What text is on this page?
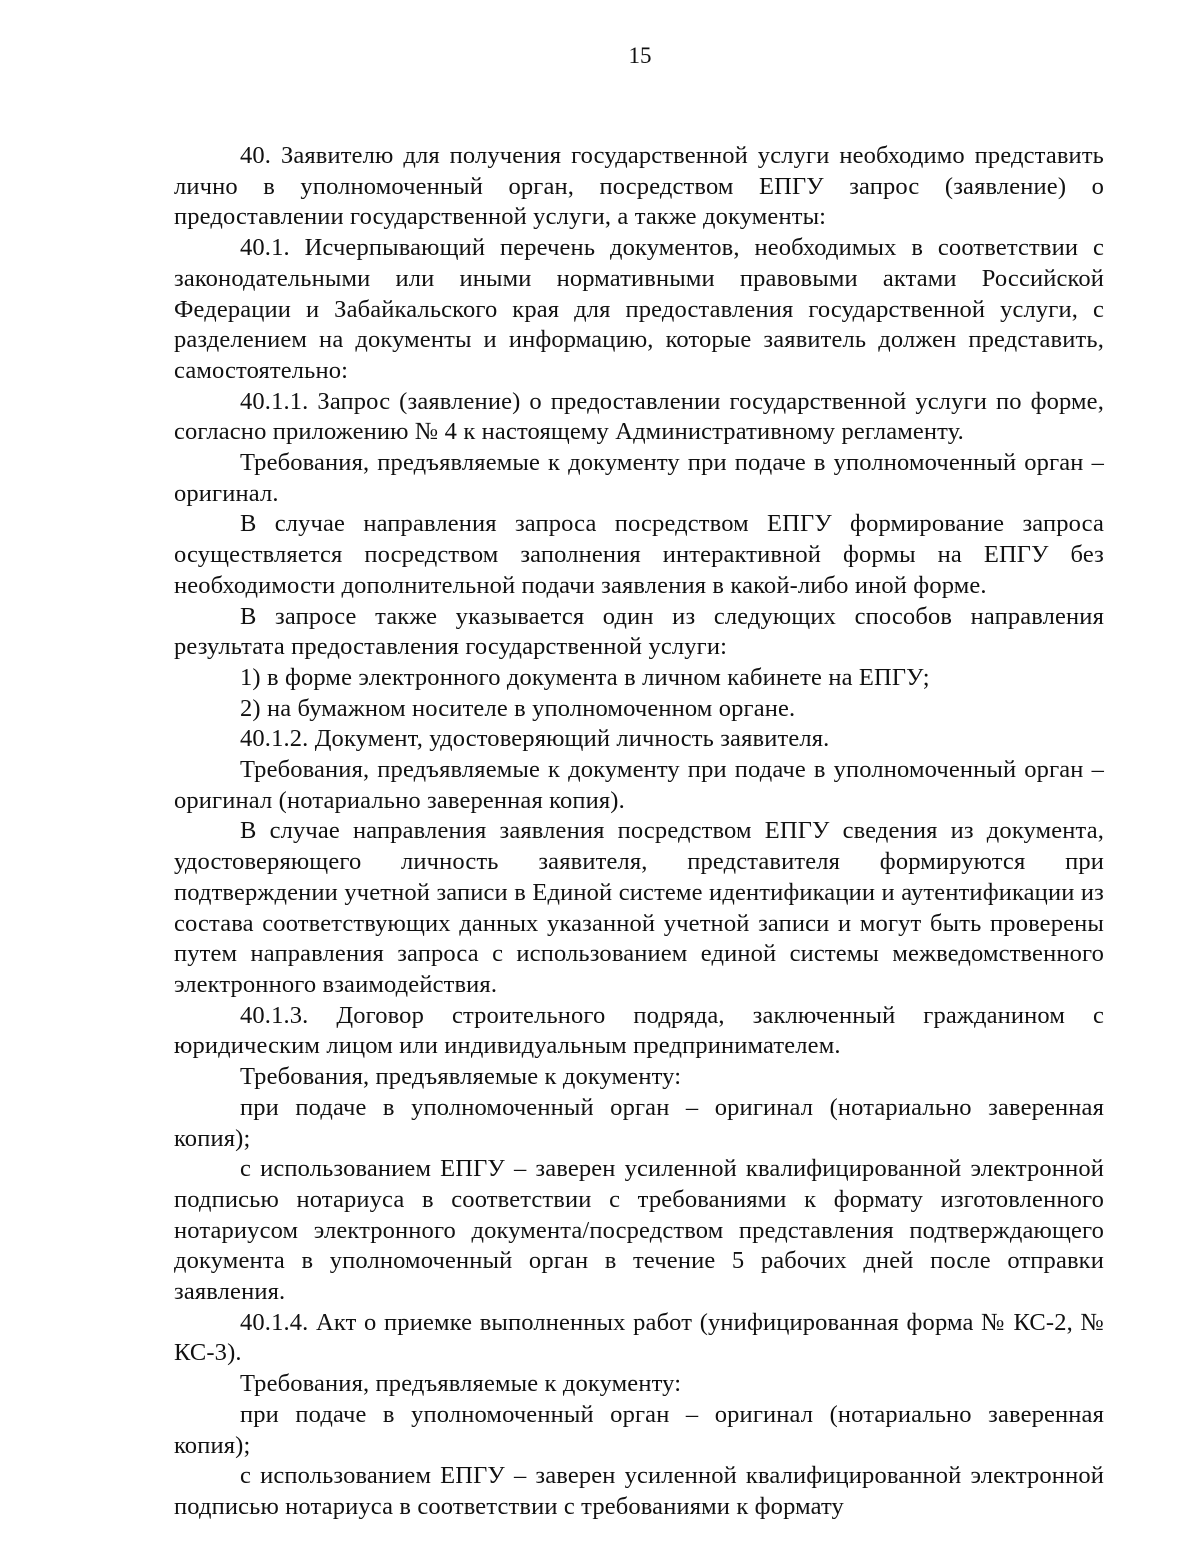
15

40. Заявителю для получения государственной услуги необходимо представить лично в уполномоченный орган, посредством ЕПГУ запрос (заявление) о предоставлении государственной услуги, а также документы:

40.1. Исчерпывающий перечень документов, необходимых в соответствии с законодательными или иными нормативными правовыми актами Российской Федерации и Забайкальского края для предоставления государственной услуги, с разделением на документы и информацию, которые заявитель должен представить, самостоятельно:

40.1.1. Запрос (заявление) о предоставлении государственной услуги по форме, согласно приложению № 4 к настоящему Административному регламенту.

Требования, предъявляемые к документу при подаче в уполномоченный орган – оригинал.

В случае направления запроса посредством ЕПГУ формирование запроса осуществляется посредством заполнения интерактивной формы на ЕПГУ без необходимости дополнительной подачи заявления в какой-либо иной форме.

В запросе также указывается один из следующих способов направления результата предоставления государственной услуги:

1) в форме электронного документа в личном кабинете на ЕПГУ;

2) на бумажном носителе в уполномоченном органе.

40.1.2. Документ, удостоверяющий личность заявителя.

Требования, предъявляемые к документу при подаче в уполномоченный орган – оригинал (нотариально заверенная копия).

В случае направления заявления посредством ЕПГУ сведения из документа, удостоверяющего личность заявителя, представителя формируются при подтверждении учетной записи в Единой системе идентификации и аутентификации из состава соответствующих данных указанной учетной записи и могут быть проверены путем направления запроса с использованием единой системы межведомственного электронного взаимодействия.

40.1.3. Договор строительного подряда, заключенный гражданином с юридическим лицом или индивидуальным предпринимателем.

Требования, предъявляемые к документу:

при подаче в уполномоченный орган – оригинал (нотариально заверенная копия);

с использованием ЕПГУ – заверен усиленной квалифицированной электронной подписью нотариуса в соответствии с требованиями к формату изготовленного нотариусом электронного документа/посредством представления подтверждающего документа в уполномоченный орган в течение 5 рабочих дней после отправки заявления.

40.1.4. Акт о приемке выполненных работ (унифицированная форма № КС-2, № КС-3).

Требования, предъявляемые к документу:

при подаче в уполномоченный орган – оригинал (нотариально заверенная копия);

с использованием ЕПГУ – заверен усиленной квалифицированной электронной подписью нотариуса в соответствии с требованиями к формату
